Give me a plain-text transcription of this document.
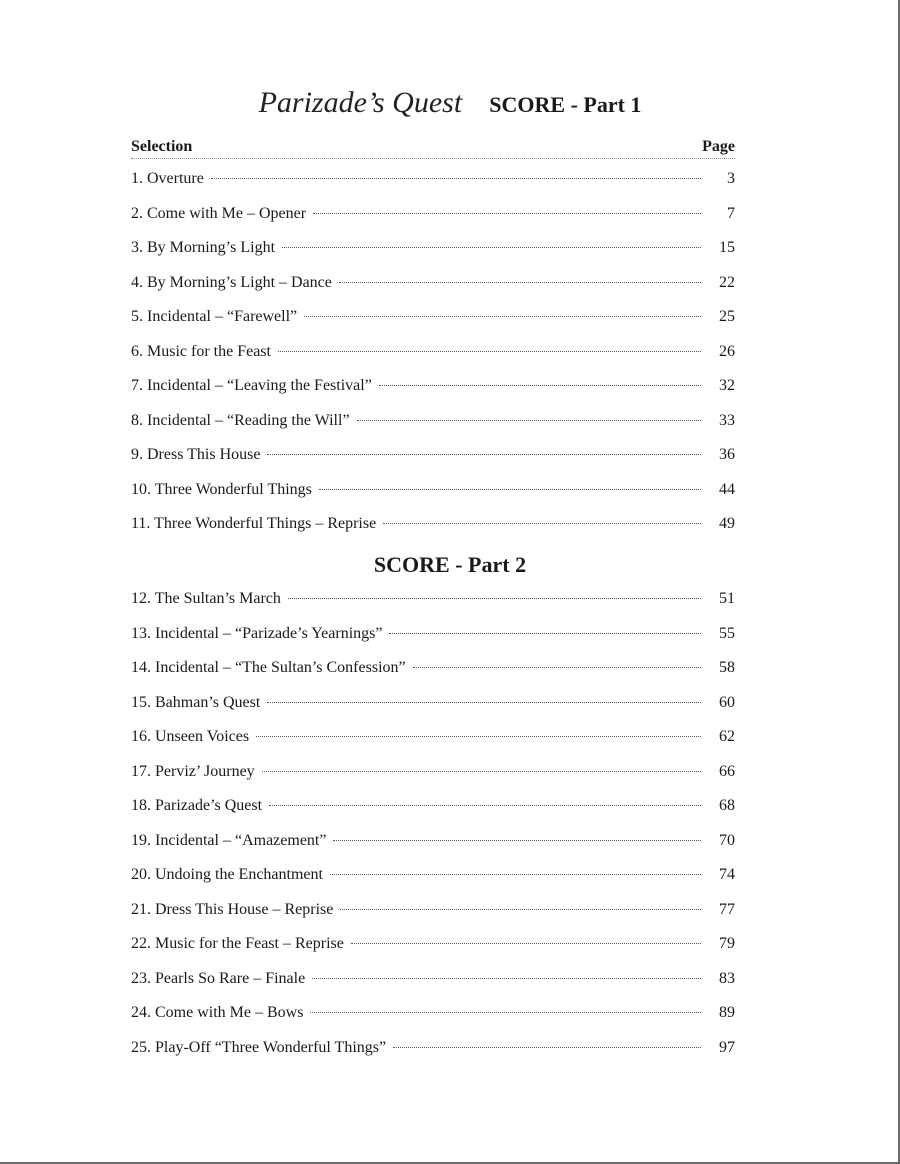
Parizade’s Quest SCORE - Part 1
Selection	Page
1. Overture	3
2. Come with Me – Opener	7
3. By Morning’s Light	15
4. By Morning’s Light – Dance	22
5. Incidental – “Farewell”	25
6. Music for the Feast	26
7. Incidental – “Leaving the Festival”	32
8. Incidental – “Reading the Will”	33
9. Dress This House	36
10. Three Wonderful Things	44
11. Three Wonderful Things – Reprise	49
SCORE - Part 2
12. The Sultan’s March	51
13. Incidental – “Parizade’s Yearnings”	55
14. Incidental – “The Sultan’s Confession”	58
15. Bahman’s Quest	60
16. Unseen Voices	62
17. Perviz’ Journey	66
18. Parizade’s Quest	68
19. Incidental – “Amazement”	70
20. Undoing the Enchantment	74
21. Dress This House – Reprise	77
22. Music for the Feast – Reprise	79
23. Pearls So Rare – Finale	83
24. Come with Me – Bows	89
25. Play-Off “Three Wonderful Things”	97
